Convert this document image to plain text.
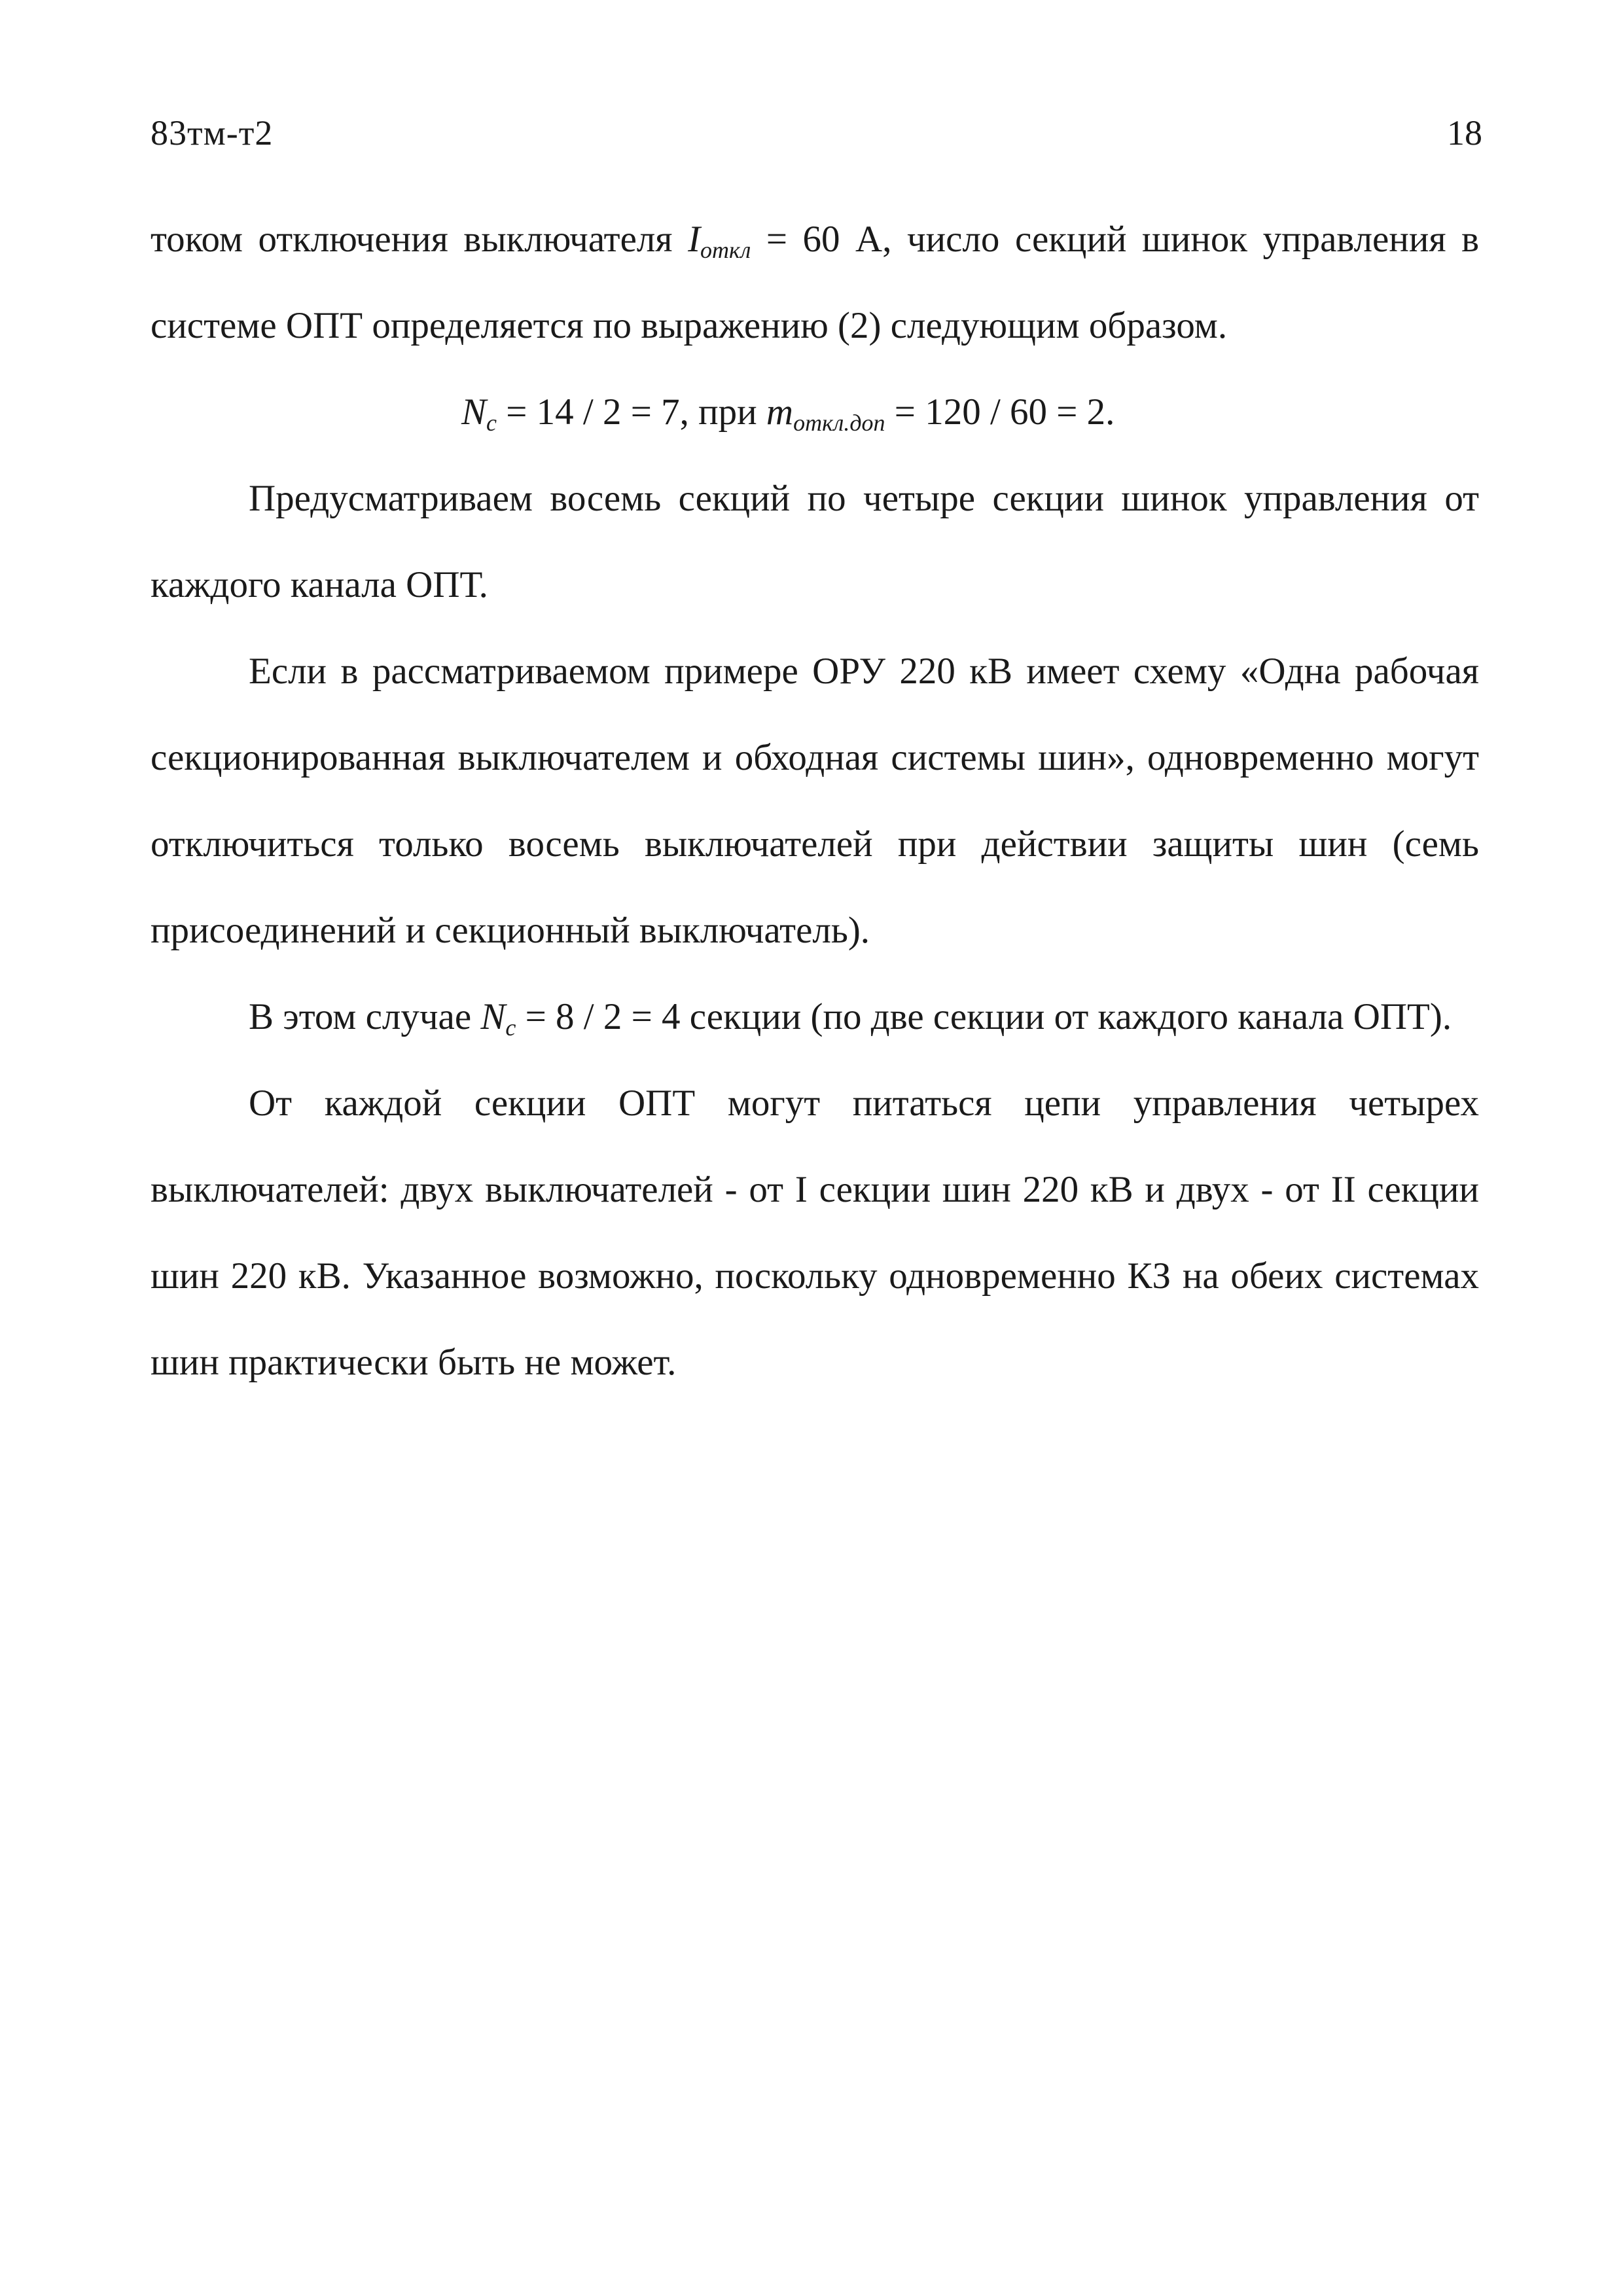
83тм-т2	18

током отключения выключателя $I_{откл} = 60$ А, число секций шинок управления в системе ОПТ определяется по выражению (2) следующим образом.

$N_c = 14 / 2 = 7$, при $m_{откл.доп} = 120 / 60 = 2$.

Предусматриваем восемь секций по четыре секции шинок управления от каждого канала ОПТ.

Если в рассматриваемом примере ОРУ 220 кВ имеет схему «Одна рабочая секционированная выключателем и обходная системы шин», одновременно могут отключиться только восемь выключателей при действии защиты шин (семь присоединений и секционный выключатель).

В этом случае $N_c = 8 / 2 = 4$ секции (по две секции от каждого канала ОПТ).

От каждой секции ОПТ могут питаться цепи управления четырех выключателей: двух выключателей - от I секции шин 220 кВ и двух - от II секции шин 220 кВ. Указанное возможно, поскольку одновременно КЗ на обеих системах шин практически быть не может.
